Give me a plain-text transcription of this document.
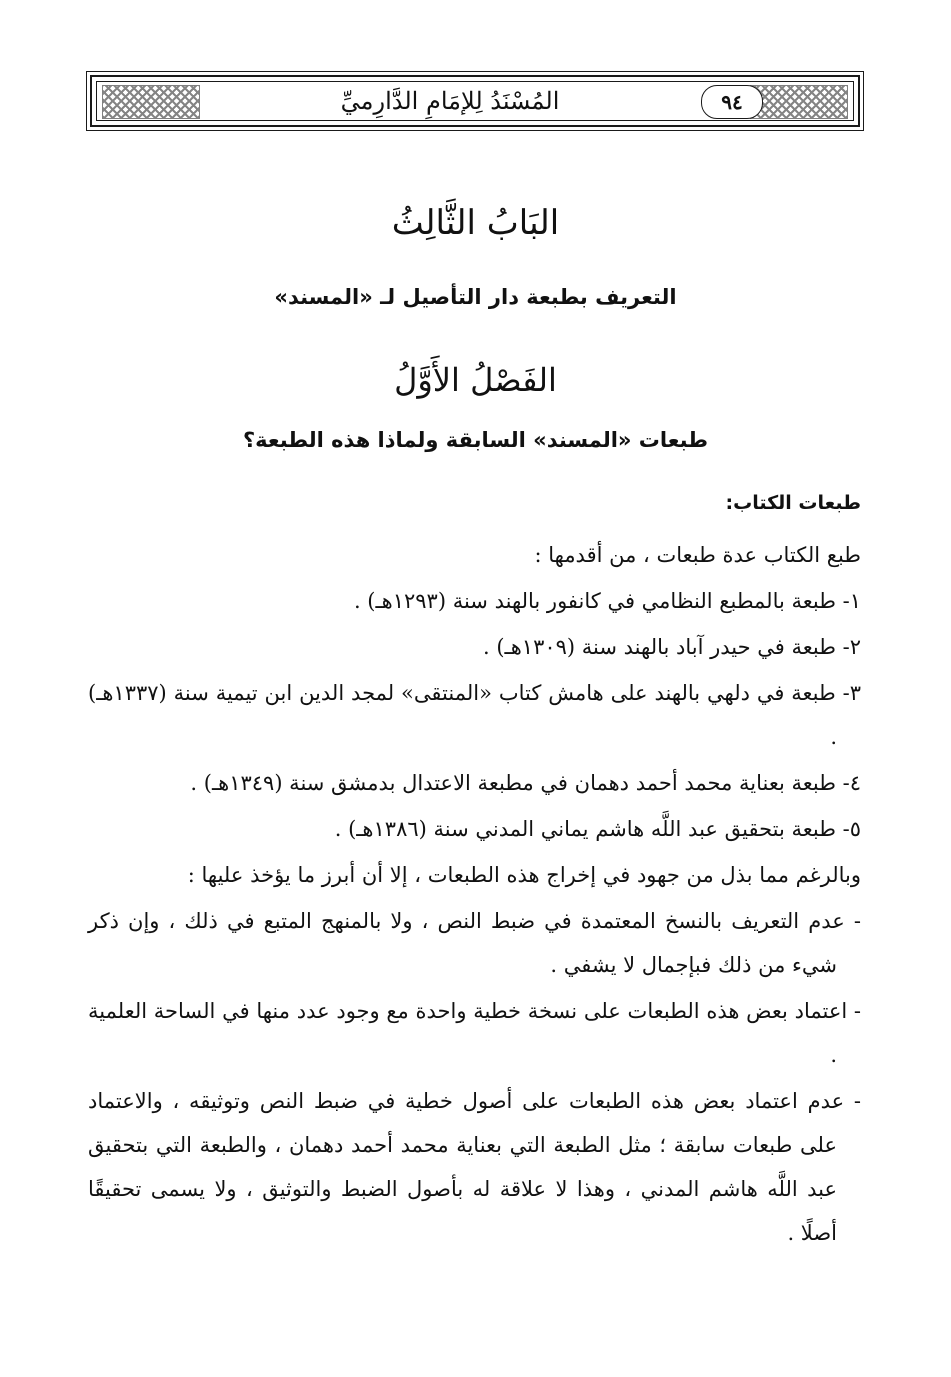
المُسْنَدُ لِلإمَامِ الدَّارِميِّ	٩٤
البَابُ الثَّالِثُ
التعريف بطبعة دار التأصيل لـ «المسند»
الفَصْلُ الأَوَّلُ
طبعات «المسند» السابقة ولماذا هذه الطبعة؟
طبعات الكتاب:

طبع الكتاب عدة طبعات ، من أقدمها :

١- طبعة بالمطبع النظامي في كانفور بالهند سنة (١٢٩٣هـ) .

٢- طبعة في حيدر آباد بالهند سنة (١٣٠٩هـ) .

٣- طبعة في دلهي بالهند على هامش كتاب «المنتقى» لمجد الدين ابن تيمية سنة (١٣٣٧هـ) .

٤- طبعة بعناية محمد أحمد دهمان في مطبعة الاعتدال بدمشق سنة (١٣٤٩هـ) .

٥- طبعة بتحقيق عبد اللَّه هاشم يماني المدني سنة (١٣٨٦هـ) .

وبالرغم مما بذل من جهود في إخراج هذه الطبعات ، إلا أن أبرز ما يؤخذ عليها :

- عدم التعريف بالنسخ المعتمدة في ضبط النص ، ولا بالمنهج المتبع في ذلك ، وإن ذكر شيء من ذلك فبإجمال لا يشفي .

- اعتماد بعض هذه الطبعات على نسخة خطية واحدة مع وجود عدد منها في الساحة العلمية .

- عدم اعتماد بعض هذه الطبعات على أصول خطية في ضبط النص وتوثيقه ، والاعتماد على طبعات سابقة ؛ مثل الطبعة التي بعناية محمد أحمد دهمان ، والطبعة التي بتحقيق عبد اللَّه هاشم المدني ، وهذا لا علاقة له بأصول الضبط والتوثيق ، ولا يسمى تحقيقًا أصلًا .
